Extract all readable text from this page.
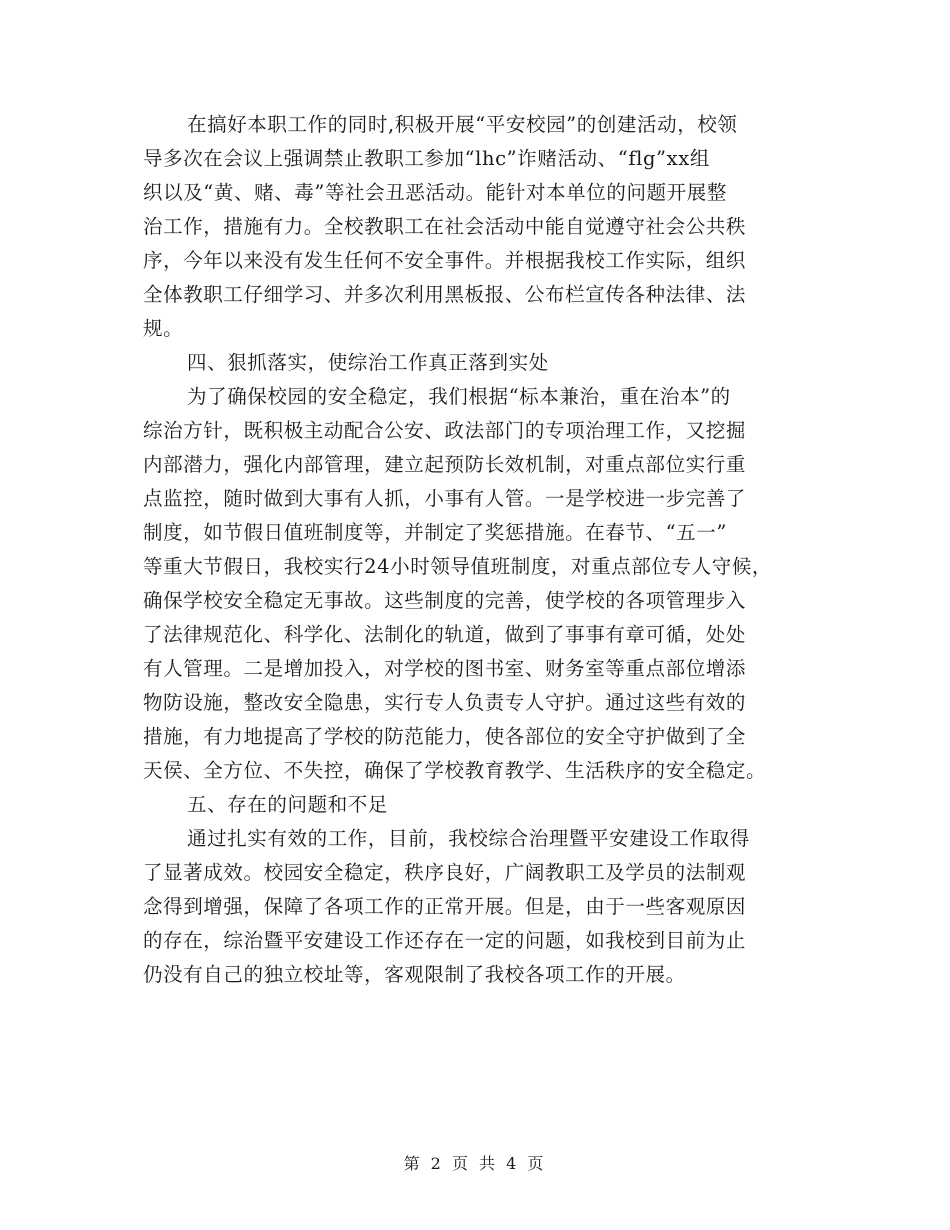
在搞好本职工作的同时,积极开展“平安校园”的创建活动，校领
导多次在会议上强调禁止教职工参加“lhc”诈赌活动、“flg”xx组
织以及“黄、赌、毒”等社会丑恶活动。能针对本单位的问题开展整
治工作，措施有力。全校教职工在社会活动中能自觉遵守社会公共秩
序，今年以来没有发生任何不安全事件。并根据我校工作实际，组织
全体教职工仔细学习、并多次利用黑板报、公布栏宣传各种法律、法
规。
四、狠抓落实，使综治工作真正落到实处
为了确保校园的安全稳定，我们根据“标本兼治，重在治本”的
综治方针，既积极主动配合公安、政法部门的专项治理工作，又挖掘
内部潜力，强化内部管理，建立起预防长效机制，对重点部位实行重
点监控，随时做到大事有人抓，小事有人管。一是学校进一步完善了
制度，如节假日值班制度等，并制定了奖惩措施。在春节、“五一”
等重大节假日，我校实行24小时领导值班制度，对重点部位专人守候，
确保学校安全稳定无事故。这些制度的完善，使学校的各项管理步入
了法律规范化、科学化、法制化的轨道，做到了事事有章可循，处处
有人管理。二是增加投入，对学校的图书室、财务室等重点部位增添
物防设施，整改安全隐患，实行专人负责专人守护。通过这些有效的
措施，有力地提高了学校的防范能力，使各部位的安全守护做到了全
天侯、全方位、不失控，确保了学校教育教学、生活秩序的安全稳定。
五、存在的问题和不足
通过扎实有效的工作，目前，我校综合治理暨平安建设工作取得
了显著成效。校园安全稳定，秩序良好，广阔教职工及学员的法制观
念得到增强，保障了各项工作的正常开展。但是，由于一些客观原因
的存在，综治暨平安建设工作还存在一定的问题，如我校到目前为止
仍没有自己的独立校址等，客观限制了我校各项工作的开展。
第 2 页 共 4 页
